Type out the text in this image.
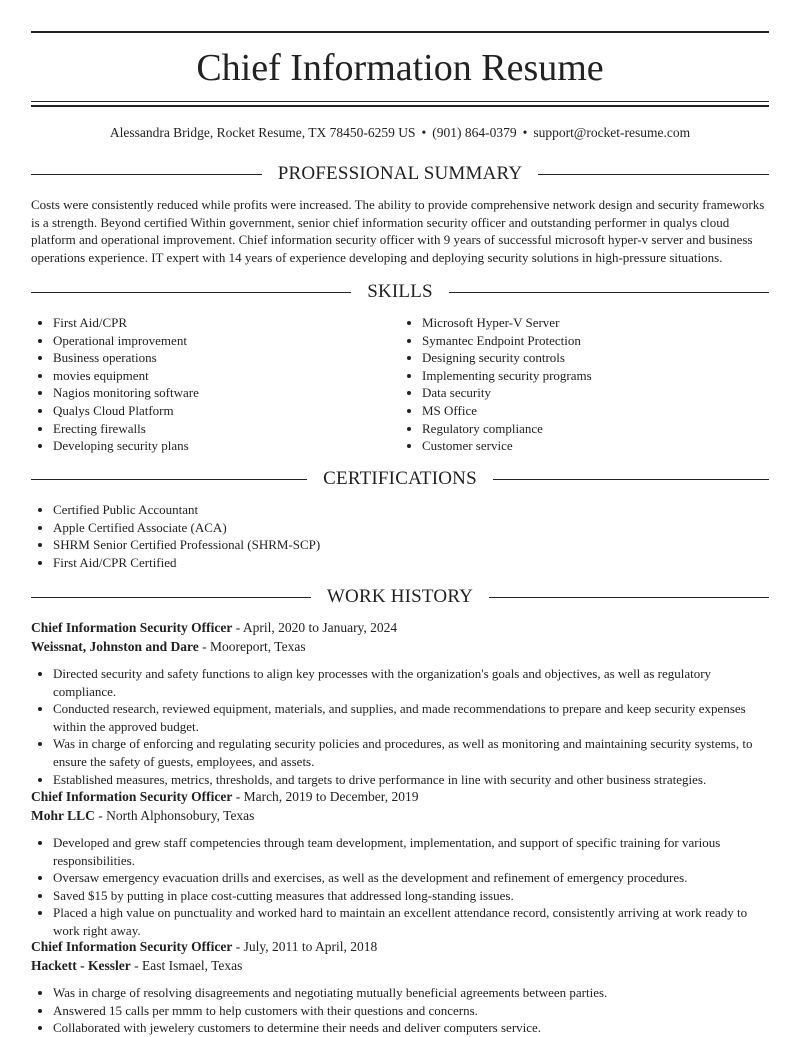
Chief Information Resume
Alessandra Bridge, Rocket Resume, TX 78450-6259 US • (901) 864-0379 • support@rocket-resume.com
PROFESSIONAL SUMMARY
Costs were consistently reduced while profits were increased. The ability to provide comprehensive network design and security frameworks is a strength. Beyond certified Within government, senior chief information security officer and outstanding performer in qualys cloud platform and operational improvement. Chief information security officer with 9 years of successful microsoft hyper-v server and business operations experience. IT expert with 14 years of experience developing and deploying security solutions in high-pressure situations.
SKILLS
• First Aid/CPR
• Operational improvement
• Business operations
• movies equipment
• Nagios monitoring software
• Qualys Cloud Platform
• Erecting firewalls
• Developing security plans
• Microsoft Hyper-V Server
• Symantec Endpoint Protection
• Designing security controls
• Implementing security programs
• Data security
• MS Office
• Regulatory compliance
• Customer service
CERTIFICATIONS
• Certified Public Accountant
• Apple Certified Associate (ACA)
• SHRM Senior Certified Professional (SHRM-SCP)
• First Aid/CPR Certified
WORK HISTORY
Chief Information Security Officer - April, 2020 to January, 2024
Weissnat, Johnston and Dare - Mooreport, Texas
• Directed security and safety functions to align key processes with the organization's goals and objectives, as well as regulatory compliance.
• Conducted research, reviewed equipment, materials, and supplies, and made recommendations to prepare and keep security expenses within the approved budget.
• Was in charge of enforcing and regulating security policies and procedures, as well as monitoring and maintaining security systems, to ensure the safety of guests, employees, and assets.
• Established measures, metrics, thresholds, and targets to drive performance in line with security and other business strategies.
Chief Information Security Officer - March, 2019 to December, 2019
Mohr LLC - North Alphonsobury, Texas
• Developed and grew staff competencies through team development, implementation, and support of specific training for various responsibilities.
• Oversaw emergency evacuation drills and exercises, as well as the development and refinement of emergency procedures.
• Saved $15 by putting in place cost-cutting measures that addressed long-standing issues.
• Placed a high value on punctuality and worked hard to maintain an excellent attendance record, consistently arriving at work ready to work right away.
Chief Information Security Officer - July, 2011 to April, 2018
Hackett - Kessler - East Ismael, Texas
• Was in charge of resolving disagreements and negotiating mutually beneficial agreements between parties.
• Answered 15 calls per mmm to help customers with their questions and concerns.
• Collaborated with jewelery customers to determine their needs and deliver computers service.
